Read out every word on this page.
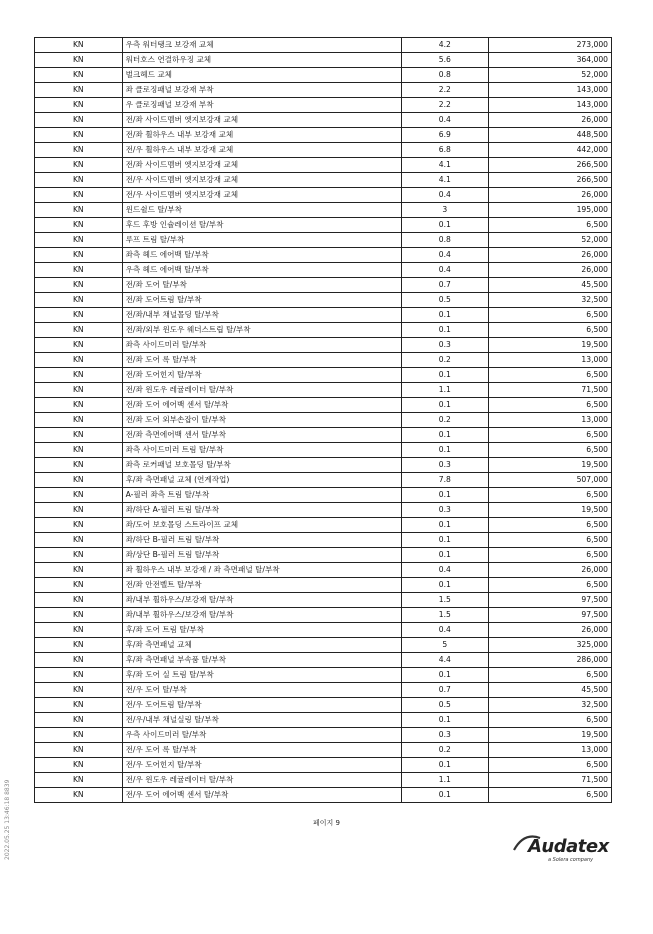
KN	우측 워터탱크 보강재 교체	4.2	273,000
KN	워터호스 연결하우징 교체	5.6	364,000
KN	벌크헤드 교체	0.8	52,000
KN	좌 클로징패널 보강재 부착	2.2	143,000
KN	우 클로징패널 보강재 부착	2.2	143,000
KN	전/좌 사이드멤버 엣지보강재 교체	0.4	26,000
KN	전/좌 휠하우스 내부 보강재 교체	6.9	448,500
KN	전/우 휠하우스 내부 보강재 교체	6.8	442,000
KN	전/좌 사이드멤버 엣지보강재 교체	4.1	266,500
KN	전/우 사이드멤버 엣지보강재 교체	4.1	266,500
KN	전/우 사이드멤버 엣지보강재 교체	0.4	26,000
KN	윈드쉴드 탈/부착	3	195,000
KN	후드 후방 인슐레이션 탈/부착	0.1	6,500
KN	루프 트림 탈/부착	0.8	52,000
KN	좌측 헤드 에어백 탈/부착	0.4	26,000
KN	우측 헤드 에어백 탈/부착	0.4	26,000
KN	전/좌 도어 탈/부착	0.7	45,500
KN	전/좌 도어트림 탈/부착	0.5	32,500
KN	전/좌/내부 채널몰딩 탈/부착	0.1	6,500
KN	전/좌/외부 윈도우 웨더스트립 탈/부착	0.1	6,500
KN	좌측 사이드미러 탈/부착	0.3	19,500
KN	전/좌 도어 록 탈/부착	0.2	13,000
KN	전/좌 도어힌지 탈/부착	0.1	6,500
KN	전/좌 윈도우 레귤레이터 탈/부착	1.1	71,500
KN	전/좌 도어 에어백 센서 탈/부착	0.1	6,500
KN	전/좌 도어 외부손잡이 탈/부착	0.2	13,000
KN	전/좌 측면에어백 센서 탈/부착	0.1	6,500
KN	좌측 사이드미러 트림 탈/부착	0.1	6,500
KN	좌측 로커패널 보호몰딩 탈/부착	0.3	19,500
KN	후/좌 측면패널 교체 (연계작업)	7.8	507,000
KN	A-필러 좌측 트림 탈/부착	0.1	6,500
KN	좌/하단 A-필러 트림 탈/부착	0.3	19,500
KN	좌/도어 보호몰딩 스트라이프 교체	0.1	6,500
KN	좌/하단 B-필러 트림 탈/부착	0.1	6,500
KN	좌/상단 B-필러 트림 탈/부착	0.1	6,500
KN	좌 휠하우스 내부 보강재 / 좌 측면패널 탈/부착	0.4	26,000
KN	전/좌 안전벨트 탈/부착	0.1	6,500
KN	좌/내부 휠하우스/보강재 탈/부착	1.5	97,500
KN	좌/내부 휠하우스/보강재 탈/부착	1.5	97,500
KN	후/좌 도어 트림 탈/부착	0.4	26,000
KN	후/좌 측면패널 교체	5	325,000
KN	후/좌 측면패널 부속품 탈/부착	4.4	286,000
KN	후/좌 도어 실 트림 탈/부착	0.1	6,500
KN	전/우 도어 탈/부착	0.7	45,500
KN	전/우 도어트림 탈/부착	0.5	32,500
KN	전/우/내부 채널실링 탈/부착	0.1	6,500
KN	우측 사이드미러 탈/부착	0.3	19,500
KN	전/우 도어 록 탈/부착	0.2	13,000
KN	전/우 도어힌지 탈/부착	0.1	6,500
KN	전/우 윈도우 레귤레이터 탈/부착	1.1	71,500
KN	전/우 도어 에어백 센서 탈/부착	0.1	6,500
페이지 9
Audatex
a Solera company
2022.05.25 13:46:18 8839
